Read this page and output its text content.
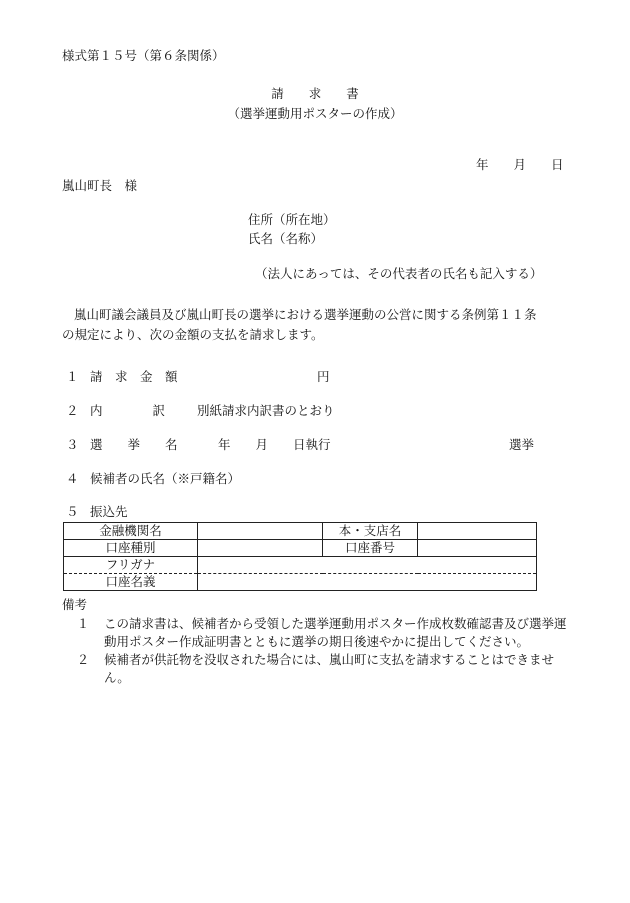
様式第１５号（第６条関係）
請　　求　　書
（選挙運動用ポスターの作成）
年　　月　　日
嵐山町長　様
住所（所在地）
氏名（名称）
（法人にあっては、その代表者の氏名も記入する）
嵐山町議会議員及び嵐山町長の選挙における選挙運動の公営に関する条例第１１条
の規定により、次の金額の支払を請求します。
１ 請　求　金　額	円
２ 内　　　　訳	別紙請求内訳書のとおり
３ 選　　挙　　名	年　　月　　日執行	選挙
４ 候補者の氏名（※戸籍名）
５ 振込先
金融機関名		本・支店名	
口座種別		口座番号	
フリガナ			
口座名義			
備考
１	この請求書は、候補者から受領した選挙運動用ポスター作成枚数確認書及び選挙運動用ポスター作成証明書とともに選挙の期日後速やかに提出してください。
２	候補者が供託物を没収された場合には、嵐山町に支払を請求することはできません。
